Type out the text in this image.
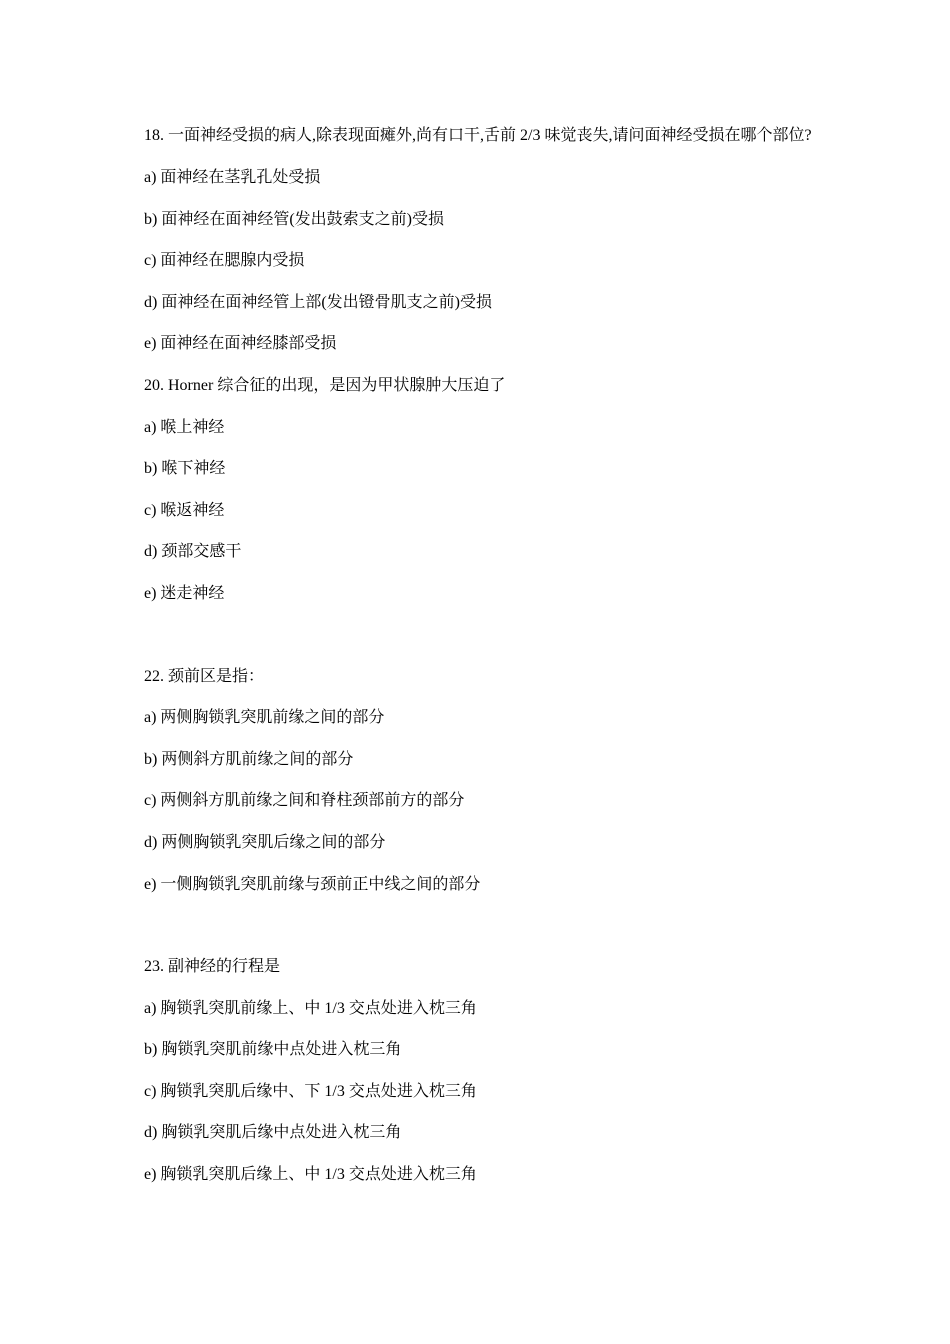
18. 一面神经受损的病人,除表现面瘫外,尚有口干,舌前 2/3 味觉丧失,请问面神经受损在哪个部位?

a) 面神经在茎乳孔处受损
b) 面神经在面神经管(发出鼓索支之前)受损
c) 面神经在腮腺内受损
d) 面神经在面神经管上部(发出镫骨肌支之前)受损
e) 面神经在面神经膝部受损
20. Horner 综合征的出现，是因为甲状腺肿大压迫了
a) 喉上神经
b) 喉下神经
c) 喉返神经
d) 颈部交感干
e) 迷走神经
22. 颈前区是指：
a) 两侧胸锁乳突肌前缘之间的部分
b) 两侧斜方肌前缘之间的部分
c) 两侧斜方肌前缘之间和脊柱颈部前方的部分
d) 两侧胸锁乳突肌后缘之间的部分
e) 一侧胸锁乳突肌前缘与颈前正中线之间的部分
23. 副神经的行程是
a) 胸锁乳突肌前缘上、中 1/3 交点处进入枕三角
b) 胸锁乳突肌前缘中点处进入枕三角
c) 胸锁乳突肌后缘中、下 1/3 交点处进入枕三角
d) 胸锁乳突肌后缘中点处进入枕三角
e) 胸锁乳突肌后缘上、中 1/3 交点处进入枕三角
